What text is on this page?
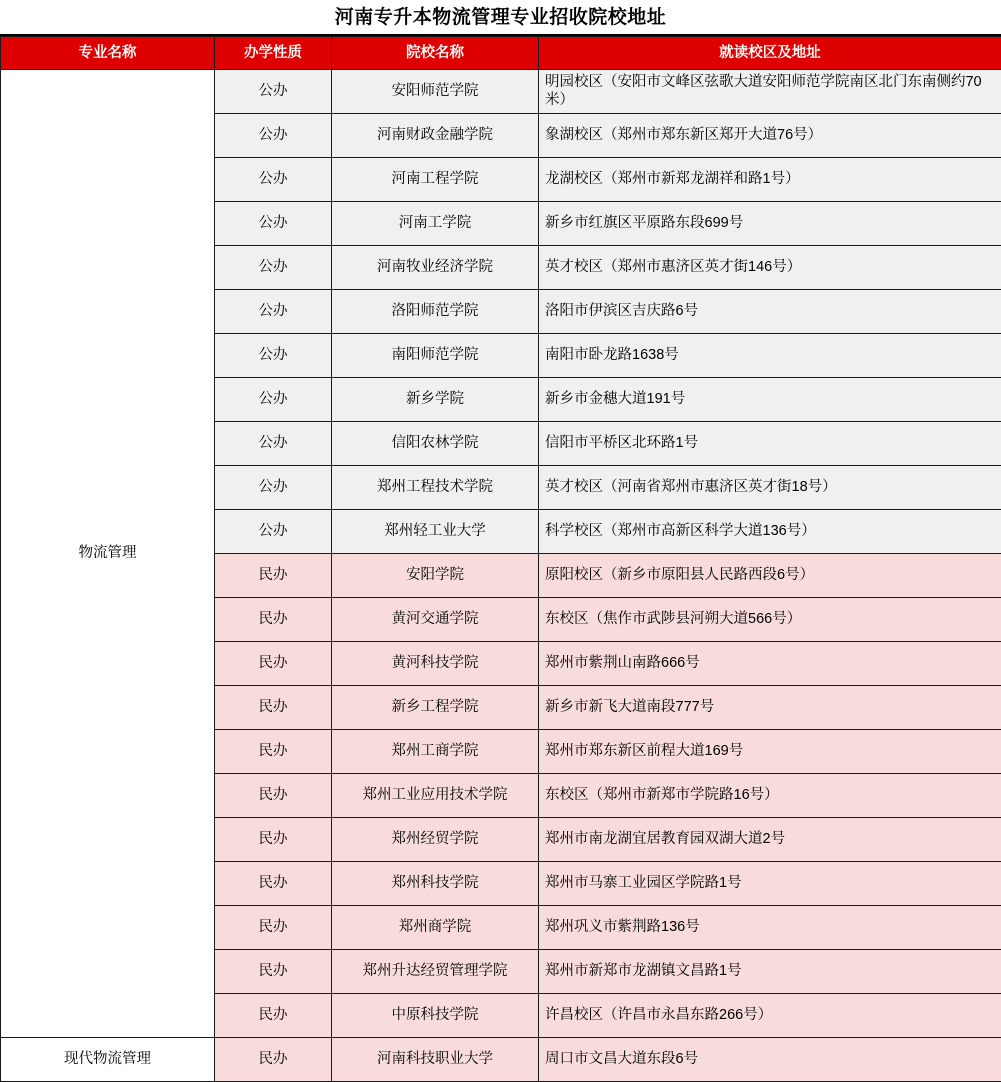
河南专升本物流管理专业招收院校地址
专业名称	办学性质	院校名称	就读校区及地址
物流管理	公办	安阳师范学院	明园校区（安阳市文峰区弦歌大道安阳师范学院南区北门东南侧约70米）
	公办	河南财政金融学院	象湖校区（郑州市郑东新区郑开大道76号）
	公办	河南工程学院	龙湖校区（郑州市新郑龙湖祥和路1号）
	公办	河南工学院	新乡市红旗区平原路东段699号
	公办	河南牧业经济学院	英才校区（郑州市惠济区英才街146号）
	公办	洛阳师范学院	洛阳市伊滨区吉庆路6号
	公办	南阳师范学院	南阳市卧龙路1638号
	公办	新乡学院	新乡市金穗大道191号
	公办	信阳农林学院	信阳市平桥区北环路1号
	公办	郑州工程技术学院	英才校区（河南省郑州市惠济区英才街18号）
	公办	郑州轻工业大学	科学校区（郑州市高新区科学大道136号）
	民办	安阳学院	原阳校区（新乡市原阳县人民路西段6号）
	民办	黄河交通学院	东校区（焦作市武陟县河朔大道566号）
	民办	黄河科技学院	郑州市紫荆山南路666号
	民办	新乡工程学院	新乡市新飞大道南段777号
	民办	郑州工商学院	郑州市郑东新区前程大道169号
	民办	郑州工业应用技术学院	东校区（郑州市新郑市学院路16号）
	民办	郑州经贸学院	郑州市南龙湖宜居教育园双湖大道2号
	民办	郑州科技学院	郑州市马寨工业园区学院路1号
	民办	郑州商学院	郑州巩义市紫荆路136号
	民办	郑州升达经贸管理学院	郑州市新郑市龙湖镇文昌路1号
	民办	中原科技学院	许昌校区（许昌市永昌东路266号）
现代物流管理	民办	河南科技职业大学	周口市文昌大道东段6号
